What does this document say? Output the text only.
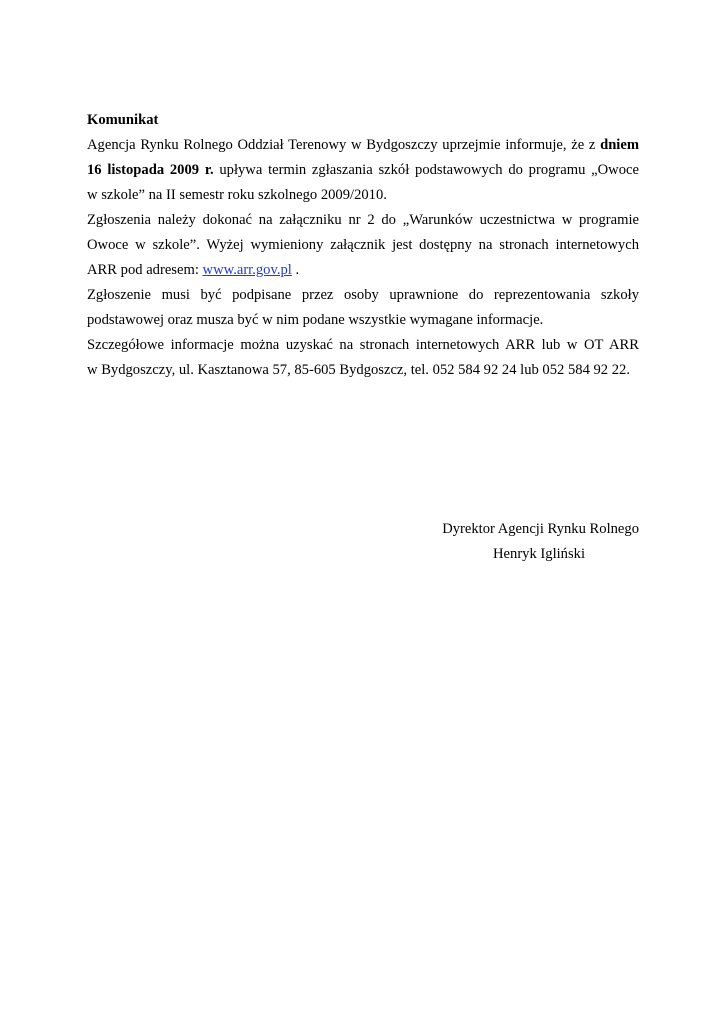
Komunikat

Agencja Rynku Rolnego Oddział Terenowy w Bydgoszczy uprzejmie informuje, że z dniem
16 listopada 2009 r. upływa termin zgłaszania szkół podstawowych do programu „Owoce
w szkole” na II semestr roku szkolnego 2009/2010.
Zgłoszenia należy dokonać na załączniku nr 2 do „Warunków uczestnictwa w programie
Owoce w szkole”. Wyżej wymieniony załącznik jest dostępny na stronach internetowych
ARR pod adresem: www.arr.gov.pl .
Zgłoszenie musi być podpisane przez osoby uprawnione do reprezentowania szkoły
podstawowej oraz musza być w nim podane wszystkie wymagane informacje.
Szczegółowe informacje można uzyskać na stronach internetowych ARR lub w OT ARR
w Bydgoszczy, ul. Kasztanowa 57, 85-605 Bydgoszcz, tel. 052 584 92 24 lub 052 584 92 22.
Dyrektor Agencji Rynku Rolnego
Henryk Igliński
